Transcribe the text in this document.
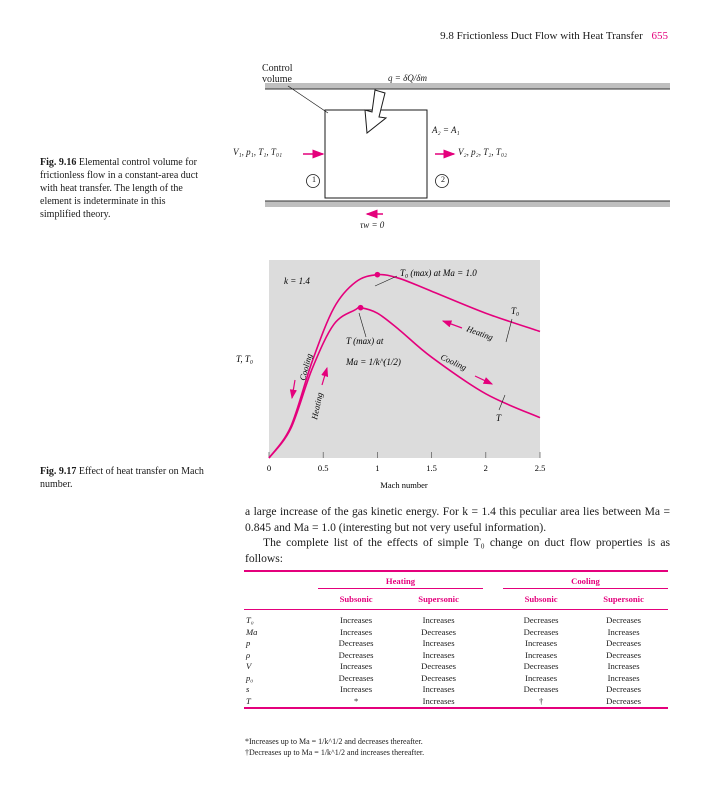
9.8 Frictionless Duct Flow with Heat Transfer 655
Fig. 9.16 Elemental control volume for frictionless flow in a constant-area duct with heat transfer. The length of the element is indeterminate in this simplified theory.
Control
volume	q = δQ/δm
A₂ = A₁
V₁, p₁, T₁, T₀₁	V₂, p₂, T₂, T₀₂
1	2
τw = 0
Fig. 9.17 Effect of heat transfer on Mach number.
k = 1.4
T₀ (max) at Ma = 1.0
T (max) at
Ma = 1/k^(1/2)
T₀
T
Heating
Cooling
Heating
Cooling
T, T₀
Mach number
0	0.5	1	1.5	2	2.5

a large increase of the gas kinetic energy. For k = 1.4 this peculiar area lies between Ma = 0.845 and Ma = 1.0 (interesting but not very useful information).

The complete list of the effects of simple T₀ change on duct flow properties is as follows:

	Heating			Cooling	
	Subsonic	Supersonic		Subsonic	Supersonic
T₀	Increases	Increases		Decreases	Decreases
Ma	Increases	Decreases		Decreases	Increases
p	Decreases	Increases		Increases	Decreases
ρ	Decreases	Increases		Increases	Decreases
V	Increases	Decreases		Decreases	Increases
p₀	Decreases	Decreases		Increases	Increases
s	Increases	Increases		Decreases	Decreases
T	*	Increases		†	Decreases
*Increases up to Ma = 1/k^1/2 and decreases thereafter.
†Decreases up to Ma = 1/k^1/2 and increases thereafter.
